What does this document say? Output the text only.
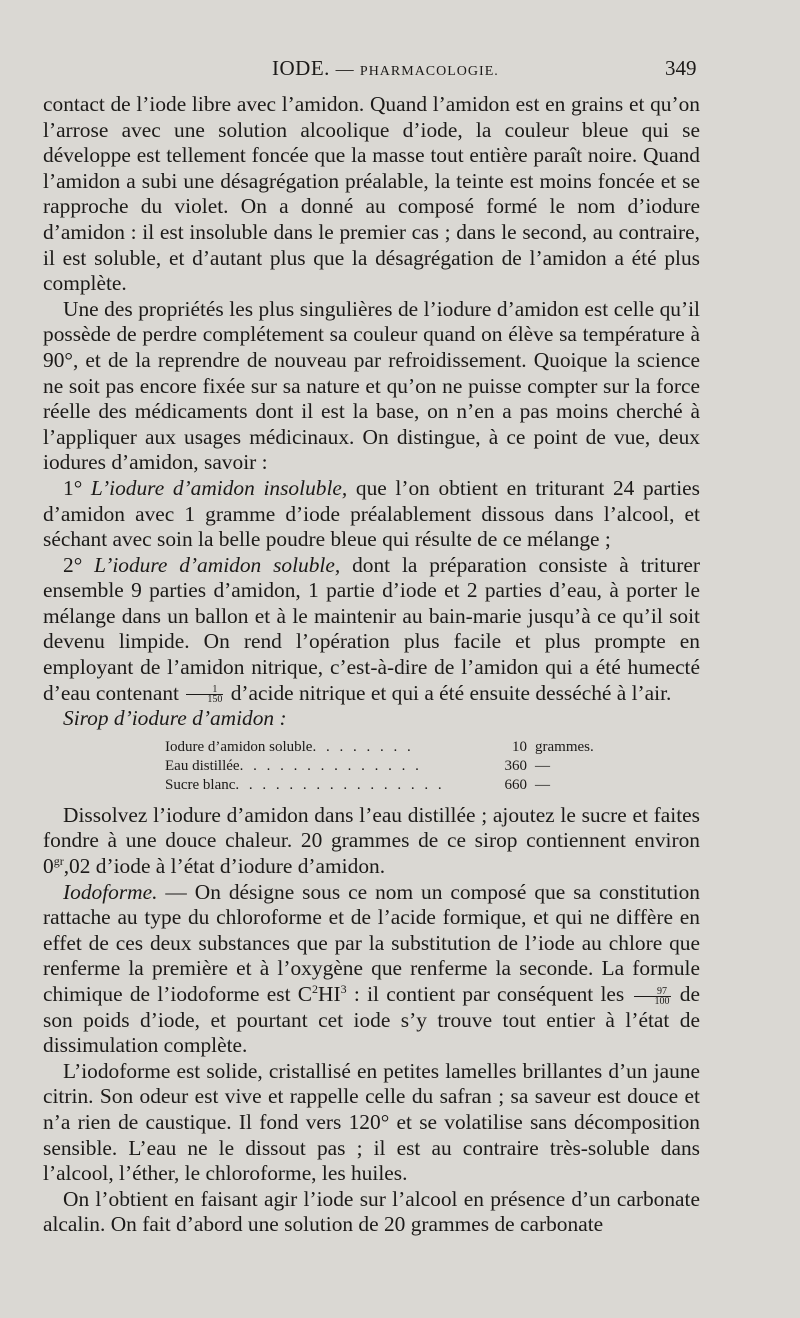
IODE. — PHARMACOLOGIE.	349

contact de l’iode libre avec l’amidon. Quand l’amidon est en grains et qu’on l’arrose avec une solution alcoolique d’iode, la couleur bleue qui se développe est tellement foncée que la masse tout entière paraît noire. Quand l’amidon a subi une désagrégation préalable, la teinte est moins foncée et se rapproche du violet. On a donné au composé formé le nom d’iodure d’amidon : il est insoluble dans le premier cas ; dans le second, au contraire, il est soluble, et d’autant plus que la désagrégation de l’amidon a été plus complète.

Une des propriétés les plus singulières de l’iodure d’amidon est celle qu’il possède de perdre complétement sa couleur quand on élève sa température à 90°, et de la reprendre de nouveau par refroidissement. Quoique la science ne soit pas encore fixée sur sa nature et qu’on ne puisse compter sur la force réelle des médicaments dont il est la base, on n’en a pas moins cherché à l’appliquer aux usages médicinaux. On distingue, à ce point de vue, deux iodures d’amidon, savoir :

1° L’iodure d’amidon insoluble, que l’on obtient en triturant 24 parties d’amidon avec 1 gramme d’iode préalablement dissous dans l’alcool, et séchant avec soin la belle poudre bleue qui résulte de ce mélange ;

2° L’iodure d’amidon soluble, dont la préparation consiste à triturer ensemble 9 parties d’amidon, 1 partie d’iode et 2 parties d’eau, à porter le mélange dans un ballon et à le maintenir au bain-marie jusqu’à ce qu’il soit devenu limpide. On rend l’opération plus facile et plus prompte en employant de l’amidon nitrique, c’est-à-dire de l’amidon qui a été humecté d’eau contenant $\frac{1}{150}$ d’acide nitrique et qui a été ensuite desséché à l’air.

Sirop d’iodure d’amidon :

Iodure d’amidon soluble . . . . . . . .	10 grammes.
Eau distillée . . . . . . . . . . . . . .	360 —
Sucre blanc . . . . . . . . . . . . . . . .	660 —

Dissolvez l’iodure d’amidon dans l’eau distillée ; ajoutez le sucre et faites fondre à une douce chaleur. 20 grammes de ce sirop contiennent environ $0^{gr},02$ d’iode à l’état d’iodure d’amidon.

Iodoforme. — On désigne sous ce nom un composé que sa constitution rattache au type du chloroforme et de l’acide formique, et qui ne diffère en effet de ces deux substances que par la substitution de l’iode au chlore que renferme la première et à l’oxygène que renferme la seconde. La formule chimique de l’iodoforme est $C^2HI^3$ : il contient par conséquent les $\frac{97}{100}$ de son poids d’iode, et pourtant cet iode s’y trouve tout entier à l’état de dissimulation complète.

L’iodoforme est solide, cristallisé en petites lamelles brillantes d’un jaune citrin. Son odeur est vive et rappelle celle du safran ; sa saveur est douce et n’a rien de caustique. Il fond vers 120° et se volatilise sans décomposition sensible. L’eau ne le dissout pas ; il est au contraire très-soluble dans l’alcool, l’éther, le chloroforme, les huiles.

On l’obtient en faisant agir l’iode sur l’alcool en présence d’un carbonate alcalin. On fait d’abord une solution de 20 grammes de carbonate
